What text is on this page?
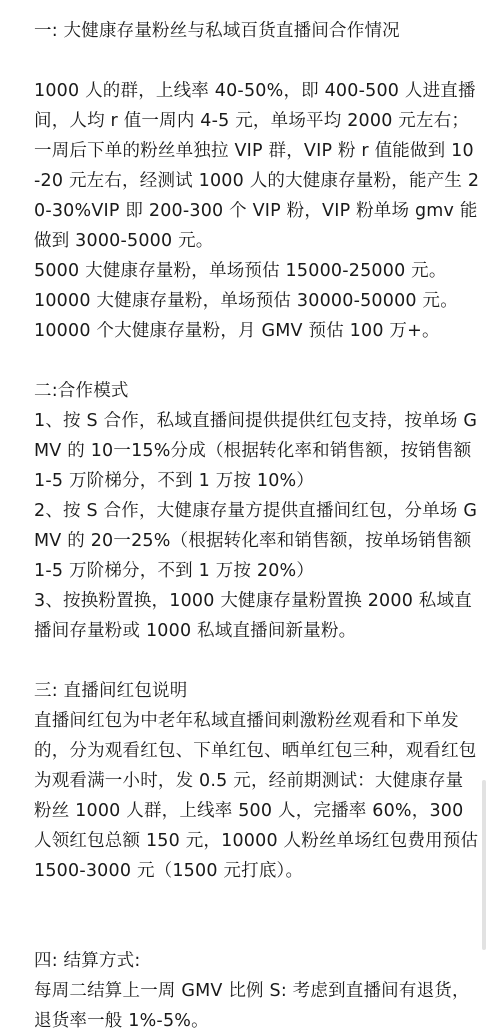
一: 大健康存量粉丝与私域百货直播间合作情况

1000 人的群，上线率 40-50%，即 400-500 人进直播间，人均 r 值一周内 4-5 元，单场平均 2000 元左右；一周后下单的粉丝单独拉 VIP 群，VIP 粉 r 值能做到 10-20 元左右，经测试 1000 人的大健康存量粉，能产生 20-30%VIP 即 200-300 个 VIP 粉，VIP 粉单场 gmv 能做到 3000-5000 元。

5000 大健康存量粉，单场预估 15000-25000 元。

10000 大健康存量粉，单场预估 30000-50000 元。

10000 个大健康存量粉，月 GMV 预估 100 万+。

二:合作模式

1、按 S 合作，私域直播间提供提供红包支持，按单场 GMV 的 10一15%分成（根据转化率和销售额，按销售额 1-5 万阶梯分，不到 1 万按 10%）

2、按 S 合作，大健康存量方提供直播间红包，分单场 GMV 的 20一25%（根据转化率和销售额，按单场销售额 1-5 万阶梯分，不到 1 万按 20%）

3、按换粉置换，1000 大健康存量粉置换 2000 私域直播间存量粉或 1000 私域直播间新量粉。

三: 直播间红包说明

直播间红包为中老年私域直播间刺激粉丝观看和下单发的，分为观看红包、下单红包、晒单红包三种，观看红包为观看满一小时，发 0.5 元，经前期测试：大健康存量粉丝 1000 人群，上线率 500 人，完播率 60%，300 人领红包总额 150 元，10000 人粉丝单场红包费用预估 1500-3000 元（1500 元打底）。

四: 结算方式:

每周二结算上一周 GMV 比例 S: 考虑到直播间有退货，退货率一般 1%-5%。
